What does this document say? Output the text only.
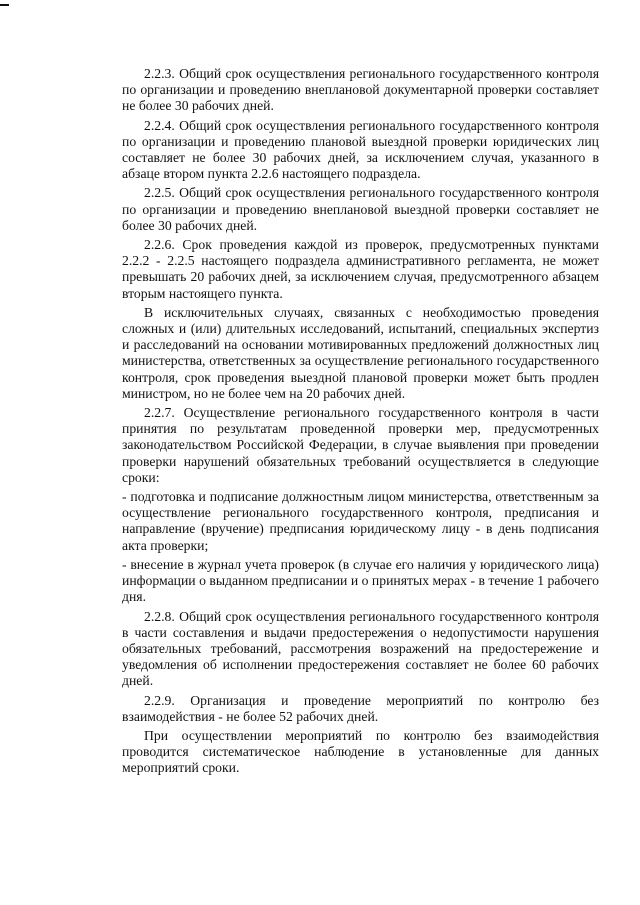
2.2.3. Общий срок осуществления регионального государственного контроля по организации и проведению внеплановой документарной проверки составляет не более 30 рабочих дней.

2.2.4. Общий срок осуществления регионального государственного контроля по организации и проведению плановой выездной проверки юридических лиц составляет не более 30 рабочих дней, за исключением случая, указанного в абзаце втором пункта 2.2.6 настоящего подраздела.

2.2.5. Общий срок осуществления регионального государственного контроля по организации и проведению внеплановой выездной проверки составляет не более 30 рабочих дней.

2.2.6. Срок проведения каждой из проверок, предусмотренных пунктами 2.2.2 - 2.2.5 настоящего подраздела административного регламента, не может превышать 20 рабочих дней, за исключением случая, предусмотренного абзацем вторым настоящего пункта.

В исключительных случаях, связанных с необходимостью проведения сложных и (или) длительных исследований, испытаний, специальных экспертиз и расследований на основании мотивированных предложений должностных лиц министерства, ответственных за осуществление регионального государственного контроля, срок проведения выездной плановой проверки может быть продлен министром, но не более чем на 20 рабочих дней.

2.2.7. Осуществление регионального государственного контроля в части принятия по результатам проведенной проверки мер, предусмотренных законодательством Российской Федерации, в случае выявления при проведении проверки нарушений обязательных требований осуществляется в следующие сроки:

- подготовка и подписание должностным лицом министерства, ответственным за осуществление регионального государственного контроля, предписания и направление (вручение) предписания юридическому лицу - в день подписания акта проверки;

- внесение в журнал учета проверок (в случае его наличия у юридического лица) информации о выданном предписании и о принятых мерах - в течение 1 рабочего дня.

2.2.8. Общий срок осуществления регионального государственного контроля в части составления и выдачи предостережения о недопустимости нарушения обязательных требований, рассмотрения возражений на предостережение и уведомления об исполнении предостережения составляет не более 60 рабочих дней.

2.2.9. Организация и проведение мероприятий по контролю без взаимодействия - не более 52 рабочих дней.

При осуществлении мероприятий по контролю без взаимодействия проводится систематическое наблюдение в установленные для данных мероприятий сроки.
